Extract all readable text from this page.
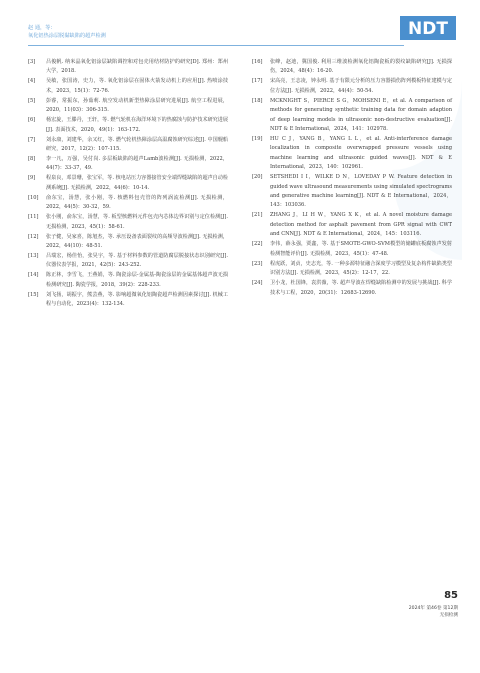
赵 通，等：
氧化铝热涂层脱黏缺陷的超声检测	NDT
[3] 吕俊帆. 纳米晶氧化铝涂层缺陷调控和对包壳用结材防护的研究[D]. 郑州：郑州大学，2018.
[4] 吴敏，张国涛，史力，等. 氧化铝涂层在固体火箭发动机上的应用[J]. 热喷涂技术，2023，15(1)：72-76.
[5] 彭睿，常振东，孙茹莉. 航空发动机新型热障涂层研究进展[J]. 航空工程进展，2020，11(03)：306-315.
[6] 杨宏旋，王滕丹，王轩，等. 燃气轮机在海洋环境下的热腐蚀与防护技术研究进展[J]. 表面技术，2020，49(1)：163-172.
[7] 刘永康，刘建华，余又红，等. 燃气轮机热障涂层高温腐蚀研究综述[J]. 中国舰船研究，2017，12(2)：107-115.
[8] 李一凡，万强，吴付岗. 多层板缺陷的超声Lamb波检测[J]. 无损检测，2022，44(7)：33-37，49.
[9] 程泉良，邓景珊，张宝军，等. 核电站压力容器接管安全端焊缝缺陷的超声自动检测系统[J]. 无损检测，2022，44(6)：10-14.
[10] 俞东宝，汤慧，张小刚，等. 核燃料包壳管的阵列涡流检测[J]. 无损检测，2022，44(5)：30-32，59.
[11] 张小刚，俞东宝，汤慧，等. 板型核燃料元件包壳内芯体边界识别与定位检测[J]. 无损检测，2023，45(1)：58-61.
[12] 张子健，吴家喜，陈旭杰，等. 承压设备表面裂纹的高频导波检测[J]. 无损检测，2022，44(10)：48-51.
[13] 吕瑞宏，杨佳怡，张昊宇，等. 基于材料参数的管道防腐层脱接状态识别研究[J]. 仪器仪表学报，2021，42(5)：243-252.
[14] 陈正林，李雪飞，王燕娟，等. 陶瓷涂层-金属基-陶瓷涂层的金属基体超声波无损检测研究[J]. 陶瓷学报，2018，39(2)：228-233.
[15] 刘飞扬，胡振宇，熊芸燕，等. 影响超微氧化铝陶瓷超声检测因素探讨[J]. 机械工程与自动化，2023(4)：132-134.
[16] 张峰，赵迪，冀国俊. 利用三维波检测氧化铝陶瓷板的裂纹缺陷研究[J]. 无损探伤，2024，48(4)：16-20.
[17] 宋高亮，王志凌，钟永明. 基于有限元分析的压力容器损伤阵列模板特征建模与定位方法[J]. 无损检测，2022，44(4)：50-54.
[18] MCKNIGHT S，PIERCE S G，MOHSENI E，et al. A comparison of methods for generating synthetic training data for domain adaption of deep learning models in ultrasonic non-destructive evaluation[J]. NDT & E International，2024，141：102978.
[19] HU C J，YANG B，YANG L L，et al. Anti-interference damage localization in composite overwrapped pressure vessels using machine learning and ultrasonic guided waves[J]. NDT & E International，2023，140：102961.
[20] SETSHEDI I I，WILKE D N，LOVEDAY P W. Feature detection in guided wave ultrasound measurements using simulated spectrograms and generative machine learning[J]. NDT & E International，2024，143：103036.
[21] ZHANG J，LI H W，YANG X K，et al. A novel moisture damage detection method for asphalt pavement from GPR signal with CWT and CNN[J]. NDT & E International，2024，145：103116.
[22] 李伟，薛永强，贾鑫，等. 基于SMOTE-GWO-SVM模型的储罐底板腐蚀声发射检测智能评价[J]. 无损检测，2023，45(1)：47-48.
[23] 程虎跃，刘贞，史志光，等. 一种多源特征融合深度学习模型及复杂构件缺陷类型识别方法[J]. 无损检测，2023，45(2)：12-17，22.
[24] 卫小龙，杜国锋，袁洪薇，等. 超声导波在焊缝缺陷检测中的发展与挑战[J]. 科学技术与工程，2020，20(31)：12683-12690.
85
2024年 第46卷 第12期
无损检测
